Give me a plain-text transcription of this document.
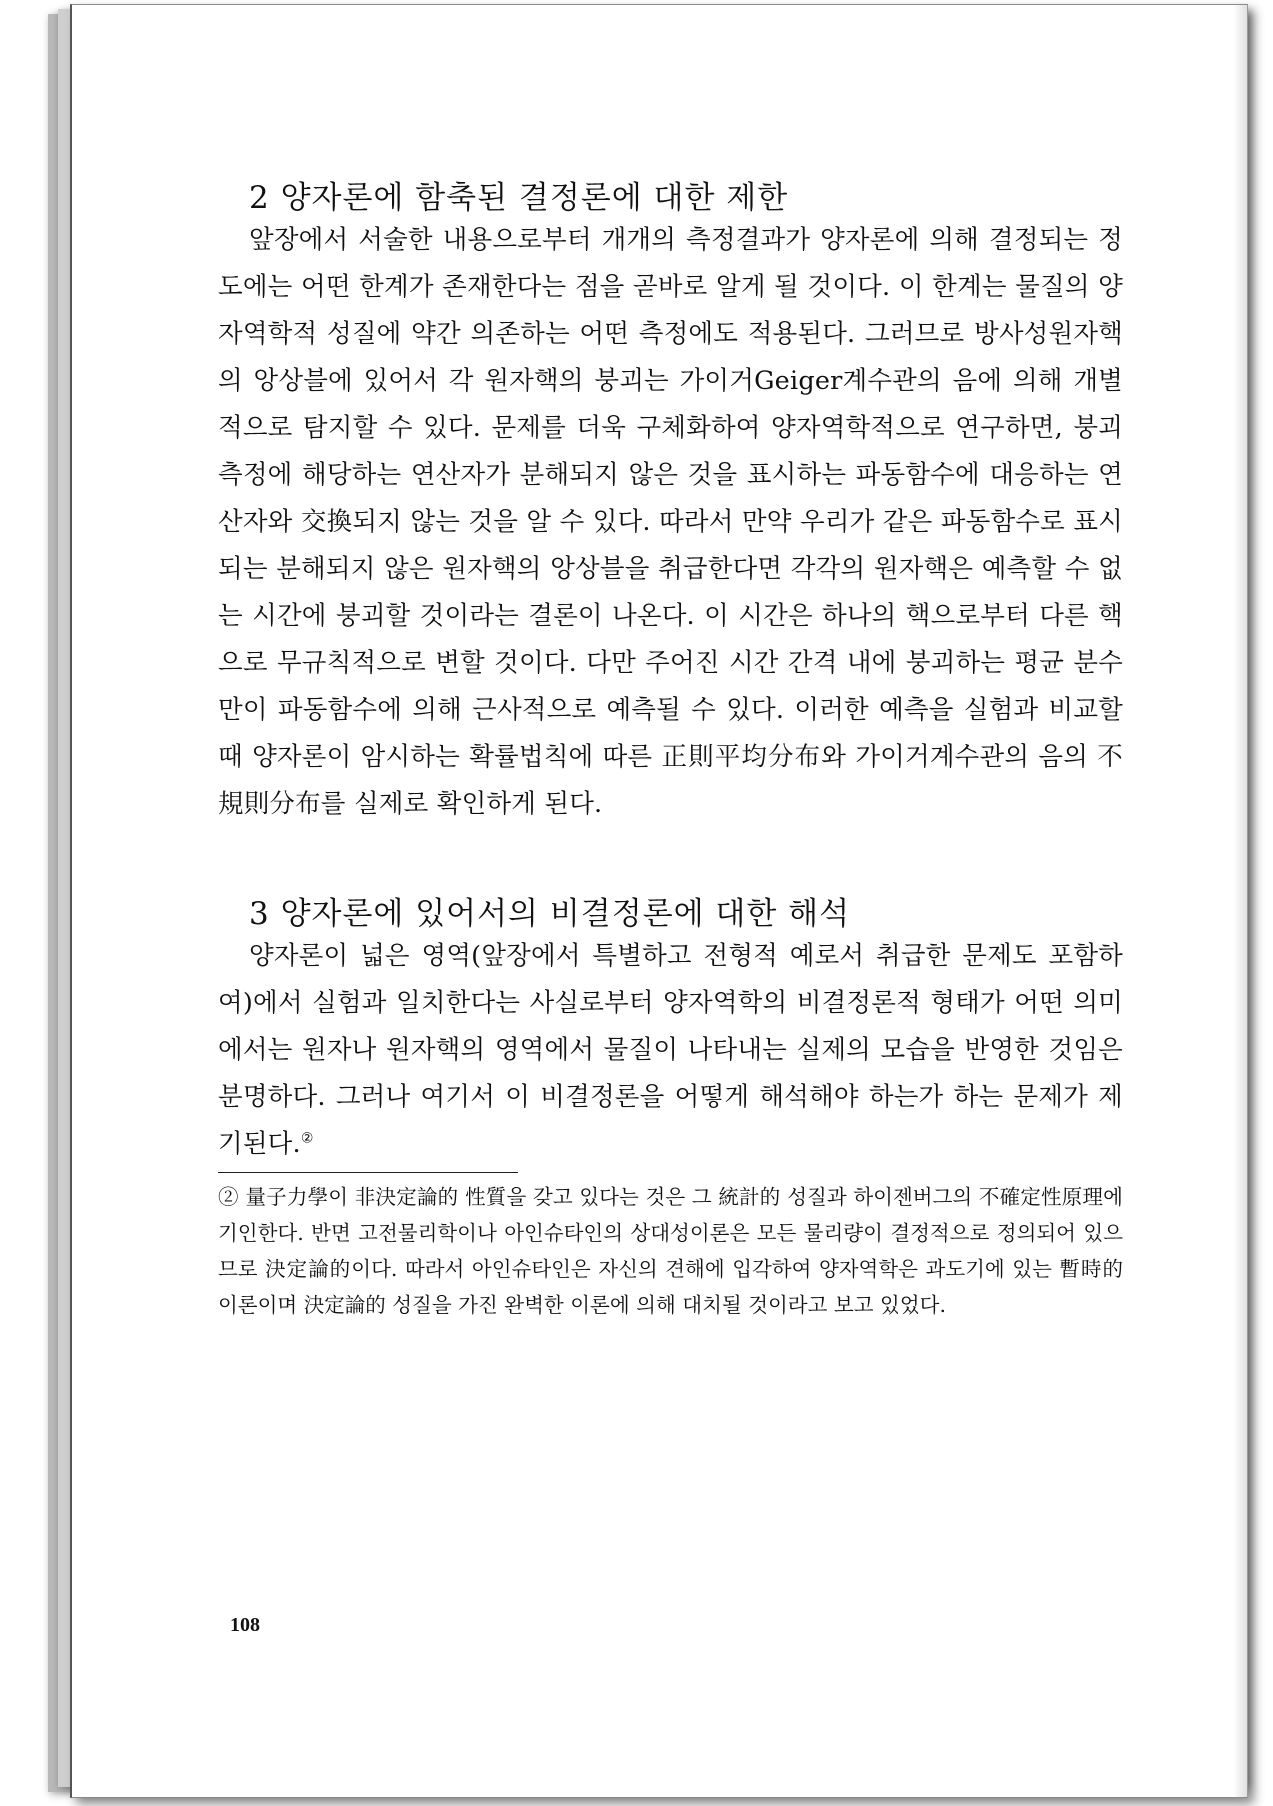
2 양자론에 함축된 결정론에 대한 제한

앞장에서 서술한 내용으로부터 개개의 측정결과가 양자론에 의해 결정되는 정도에는 어떤 한계가 존재한다는 점을 곧바로 알게 될 것이다. 이 한계는 물질의 양자역학적 성질에 약간 의존하는 어떤 측정에도 적용된다. 그러므로 방사성원자핵의 앙상블에 있어서 각 원자핵의 붕괴는 가이거Geiger계수관의 음에 의해 개별적으로 탐지할 수 있다. 문제를 더욱 구체화하여 양자역학적으로 연구하면, 붕괴측정에 해당하는 연산자가 분해되지 않은 것을 표시하는 파동함수에 대응하는 연산자와 交換되지 않는 것을 알 수 있다. 따라서 만약 우리가 같은 파동함수로 표시되는 분해되지 않은 원자핵의 앙상블을 취급한다면 각각의 원자핵은 예측할 수 없는 시간에 붕괴할 것이라는 결론이 나온다. 이 시간은 하나의 핵으로부터 다른 핵으로 무규칙적으로 변할 것이다. 다만 주어진 시간 간격 내에 붕괴하는 평균 분수만이 파동함수에 의해 근사적으로 예측될 수 있다. 이러한 예측을 실험과 비교할 때 양자론이 암시하는 확률법칙에 따른 正則平均分布와 가이거계수관의 음의 不規則分布를 실제로 확인하게 된다.

3 양자론에 있어서의 비결정론에 대한 해석

양자론이 넓은 영역(앞장에서 특별하고 전형적 예로서 취급한 문제도 포함하여)에서 실험과 일치한다는 사실로부터 양자역학의 비결정론적 형태가 어떤 의미에서는 원자나 원자핵의 영역에서 물질이 나타내는 실제의 모습을 반영한 것임은 분명하다. 그러나 여기서 이 비결정론을 어떻게 해석해야 하는가 하는 문제가 제기된다.②

② 量子力學이 非決定論的 性質을 갖고 있다는 것은 그 統計的 성질과 하이젠버그의 不確定性原理에 기인한다. 반면 고전물리학이나 아인슈타인의 상대성이론은 모든 물리량이 결정적으로 정의되어 있으므로 決定論的이다. 따라서 아인슈타인은 자신의 견해에 입각하여 양자역학은 과도기에 있는 暫時的 이론이며 決定論的 성질을 가진 완벽한 이론에 의해 대치될 것이라고 보고 있었다.

108
